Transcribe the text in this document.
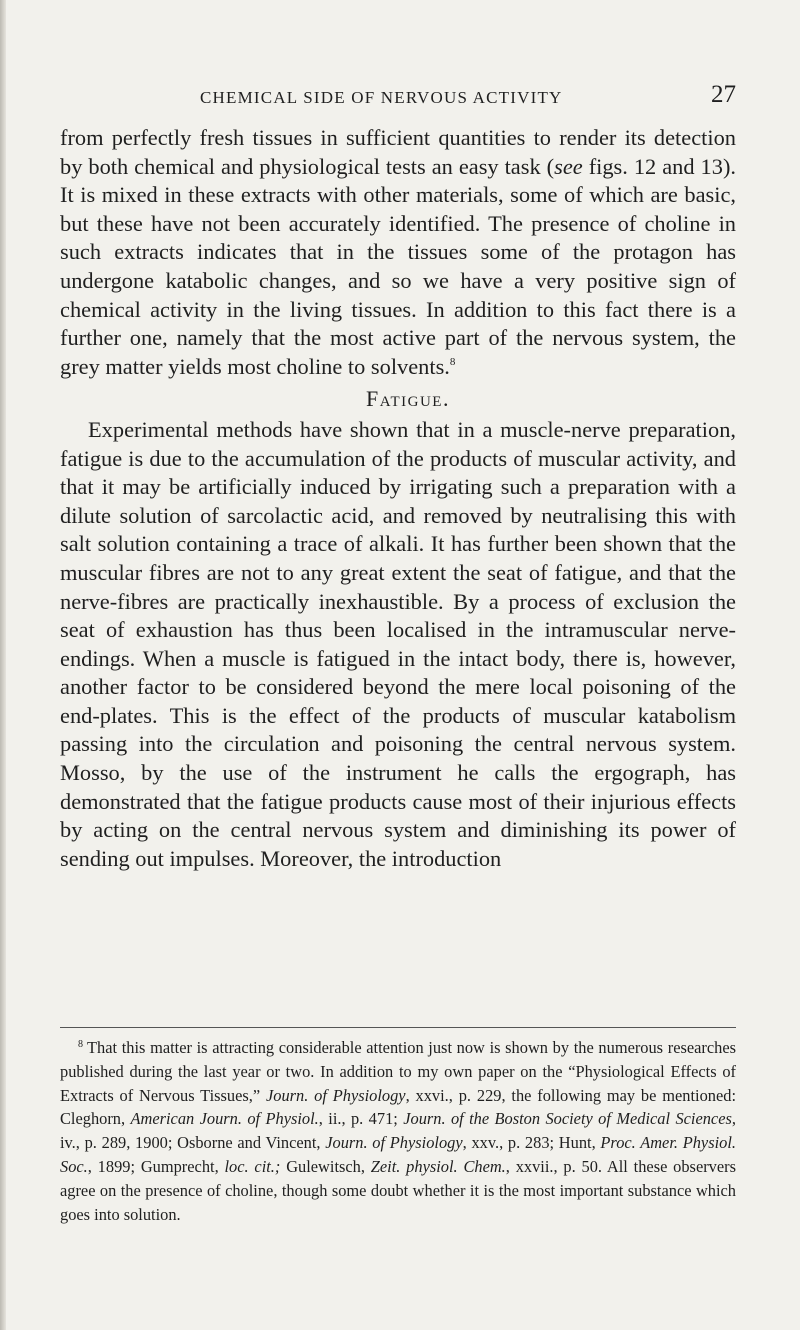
CHEMICAL SIDE OF NERVOUS ACTIVITY	27

from perfectly fresh tissues in sufficient quantities to render its detection by both chemical and physiological tests an easy task (see figs. 12 and 13). It is mixed in these extracts with other materials, some of which are basic, but these have not been accurately identified. The presence of choline in such extracts indicates that in the tissues some of the protagon has undergone katabolic changes, and so we have a very positive sign of chemical activity in the living tissues. In addition to this fact there is a further one, namely that the most active part of the nervous system, the grey matter yields most choline to solvents.$^8$

Fatigue.

Experimental methods have shown that in a muscle-nerve preparation, fatigue is due to the accumulation of the products of muscular activity, and that it may be artificially induced by irrigating such a preparation with a dilute solution of sarcolactic acid, and removed by neutralising this with salt solution containing a trace of alkali. It has further been shown that the muscular fibres are not to any great extent the seat of fatigue, and that the nerve-fibres are practically inexhaustible. By a process of exclusion the seat of exhaustion has thus been localised in the intramuscular nerve-endings. When a muscle is fatigued in the intact body, there is, however, another factor to be considered beyond the mere local poisoning of the end-plates. This is the effect of the products of muscular katabolism passing into the circulation and poisoning the central nervous system. Mosso, by the use of the instrument he calls the ergograph, has demonstrated that the fatigue products cause most of their injurious effects by acting on the central nervous system and diminishing its power of sending out impulses. Moreover, the introduction

$^8$ That this matter is attracting considerable attention just now is shown by the numerous researches published during the last year or two. In addition to my own paper on the “Physiological Effects of Extracts of Nervous Tissues,” Journ. of Physiology, xxvi., p. 229, the following may be mentioned: Cleghorn, American Journ. of Physiol., ii., p. 471; Journ. of the Boston Society of Medical Sciences, iv., p. 289, 1900; Osborne and Vincent, Journ. of Physiology, xxv., p. 283; Hunt, Proc. Amer. Physiol. Soc., 1899; Gumprecht, loc. cit.; Gulewitsch, Zeit. physiol. Chem., xxvii., p. 50. All these observers agree on the presence of choline, though some doubt whether it is the most important substance which goes into solution.
